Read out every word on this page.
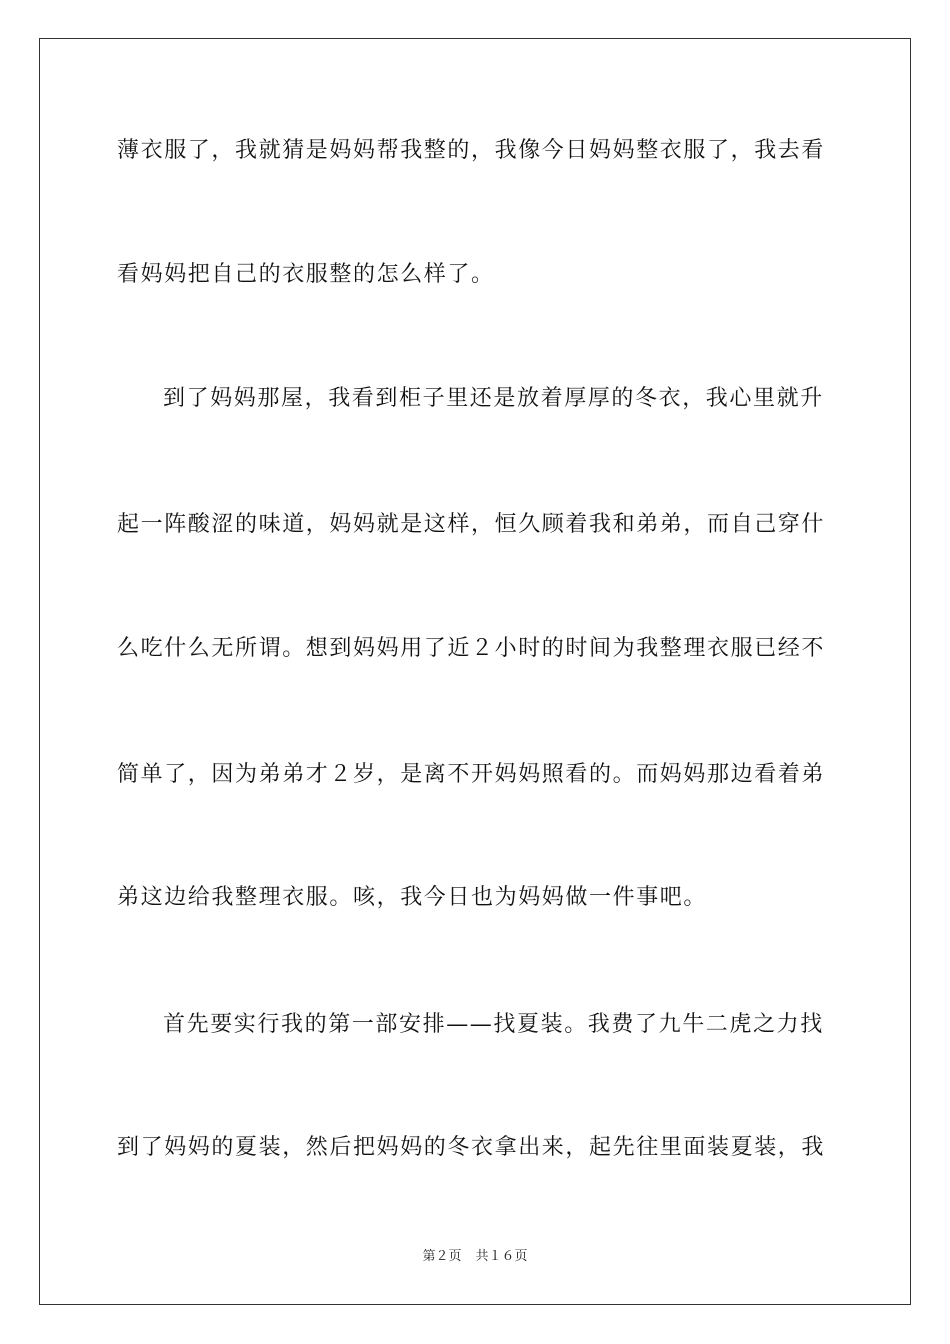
薄衣服了，我就猜是妈妈帮我整的，我像今日妈妈整衣服了，我去看
看妈妈把自己的衣服整的怎么样了。
到了妈妈那屋，我看到柜子里还是放着厚厚的冬衣，我心里就升
起一阵酸涩的味道，妈妈就是这样，恒久顾着我和弟弟，而自己穿什
么吃什么无所谓。想到妈妈用了近２小时的时间为我整理衣服已经不
简单了，因为弟弟才２岁，是离不开妈妈照看的。而妈妈那边看着弟
弟这边给我整理衣服。咳，我今日也为妈妈做一件事吧。
首先要实行我的第一部安排——找夏装。我费了九牛二虎之力找
到了妈妈的夏装，然后把妈妈的冬衣拿出来，起先往里面装夏装，我
第２页 共１６页
